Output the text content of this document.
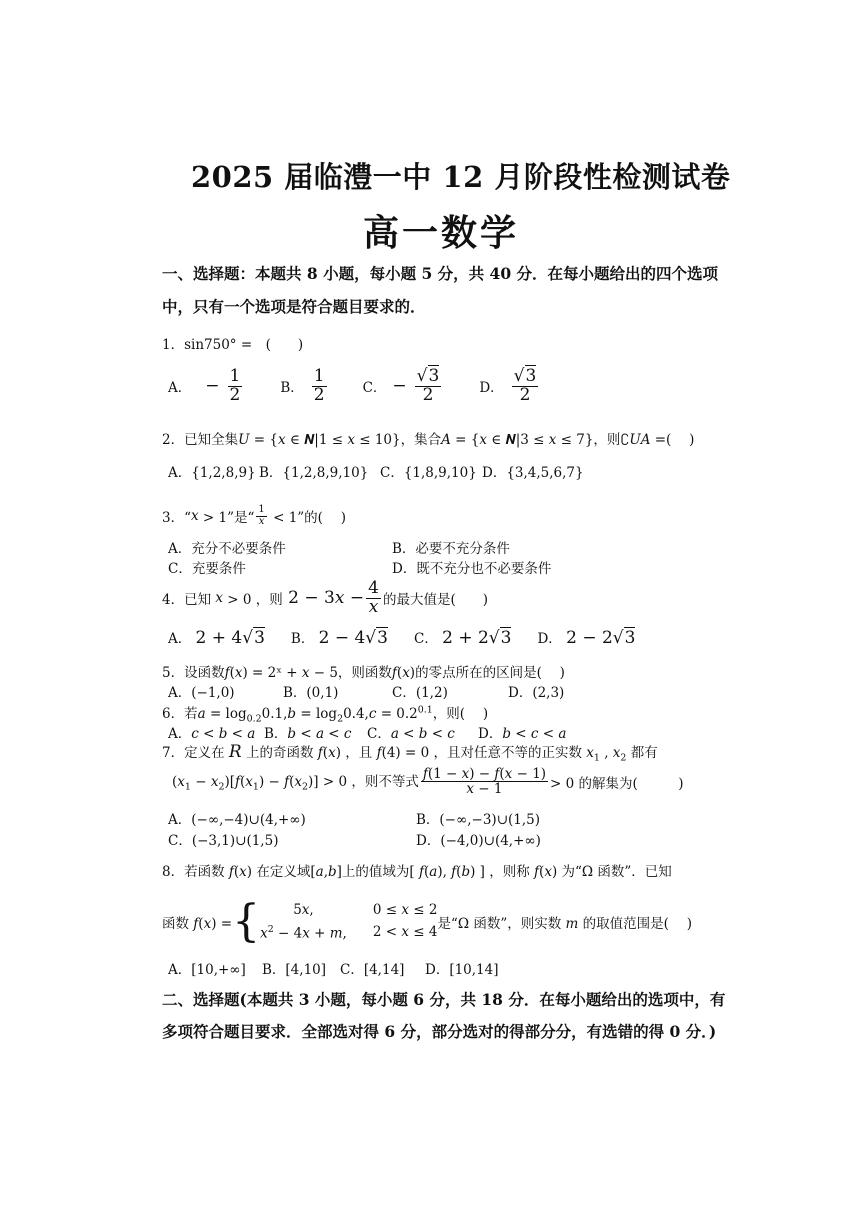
2025 届临澧一中 12 月阶段性检测试卷
高一数学
一、选择题：本题共 8 小题，每小题 5 分，共 40 分．在每小题给出的四个选项
中，只有一个选项是符合题目要求的．
1．sin750° =　(　　)
A． − $\frac{1}{2}$	B． $\frac{1}{2}$	C． − $\frac{√3}{2}$	D． $\frac{√3}{2}$
2．已知全集𝑈 = {𝑥 ∈ 𝑵|1 ≤ 𝑥 ≤ 10}，集合𝐴 = {𝑥 ∈ 𝑵|3 ≤ 𝑥 ≤ 7}，则∁𝑈𝐴 =(　 )
A．{1,2,8,9} B．{1,2,8,9,10} C．{1,8,9,10} D．{3,4,5,6,7}
3．“ x > 1”是“ $\frac{1}{x} < 1$”的(　 )
A．充分不必要条件	B．必要不充分条件
C．充要条件	D．既不充分也不必要条件
4．已知 x > 0 ，则 $2 - 3x - \frac{4}{x}$ 的最大值是(　　)
A． 2 + 4√3 B． 2 − 4√3 C． 2 + 2√3 D． 2 − 2√3
5．设函数𝑓(𝑥) = 2ˣ + 𝑥 − 5，则函数𝑓(𝑥)的零点所在的区间是(　 )
A．(−1,0)	B．(0,1)	C．(1,2)	D．(2,3)
6．若$a = \log_{0.2}0.1,b = \log_20.4,c = 0.2^{0.1}$，则(　 )
A．𝑐 < 𝑏 < 𝑎 B．𝑏 < 𝑎 < 𝑐 C．𝑎 < 𝑏 < 𝑐 D．𝑏 < 𝑐 < 𝑎
7．定义在 R 上的奇函数 f(x) ，且 f(4) = 0 ，且对任意不等的正实数 $x_1$ , $x_2$ 都有
$(x_1 - x_2)[f(x_1) - f(x_2)] > 0$ ，则不等式 $\frac{f(1 - x) - f(x - 1)}{x - 1} > 0$ 的解集为(　　　)
A．(−∞,−4)∪(4,+∞)	B．(−∞,−3)∪(1,5)
C．(−3,1)∪(1,5)	D．(−4,0)∪(4,+∞)
8．若函数 f(x) 在定义域[a,b]上的值域为[ f(a), f(b) ] ，则称 f(x) 为“Ω 函数”．已知
函数 f(x) = {	5x,	0 ≤ x ≤ 2
$x^2 - 4x + m$, 2 < x ≤ 4
是“Ω 函数”，则实数 m 的取值范围是(　 )
A．[10,+∞] B．[4,10] C．[4,14] D．[10,14]
二、选择题(本题共 3 小题，每小题 6 分，共 18 分．在每小题给出的选项中，有
多项符合题目要求．全部选对得 6 分，部分选对的得部分分，有选错的得 0 分．)
